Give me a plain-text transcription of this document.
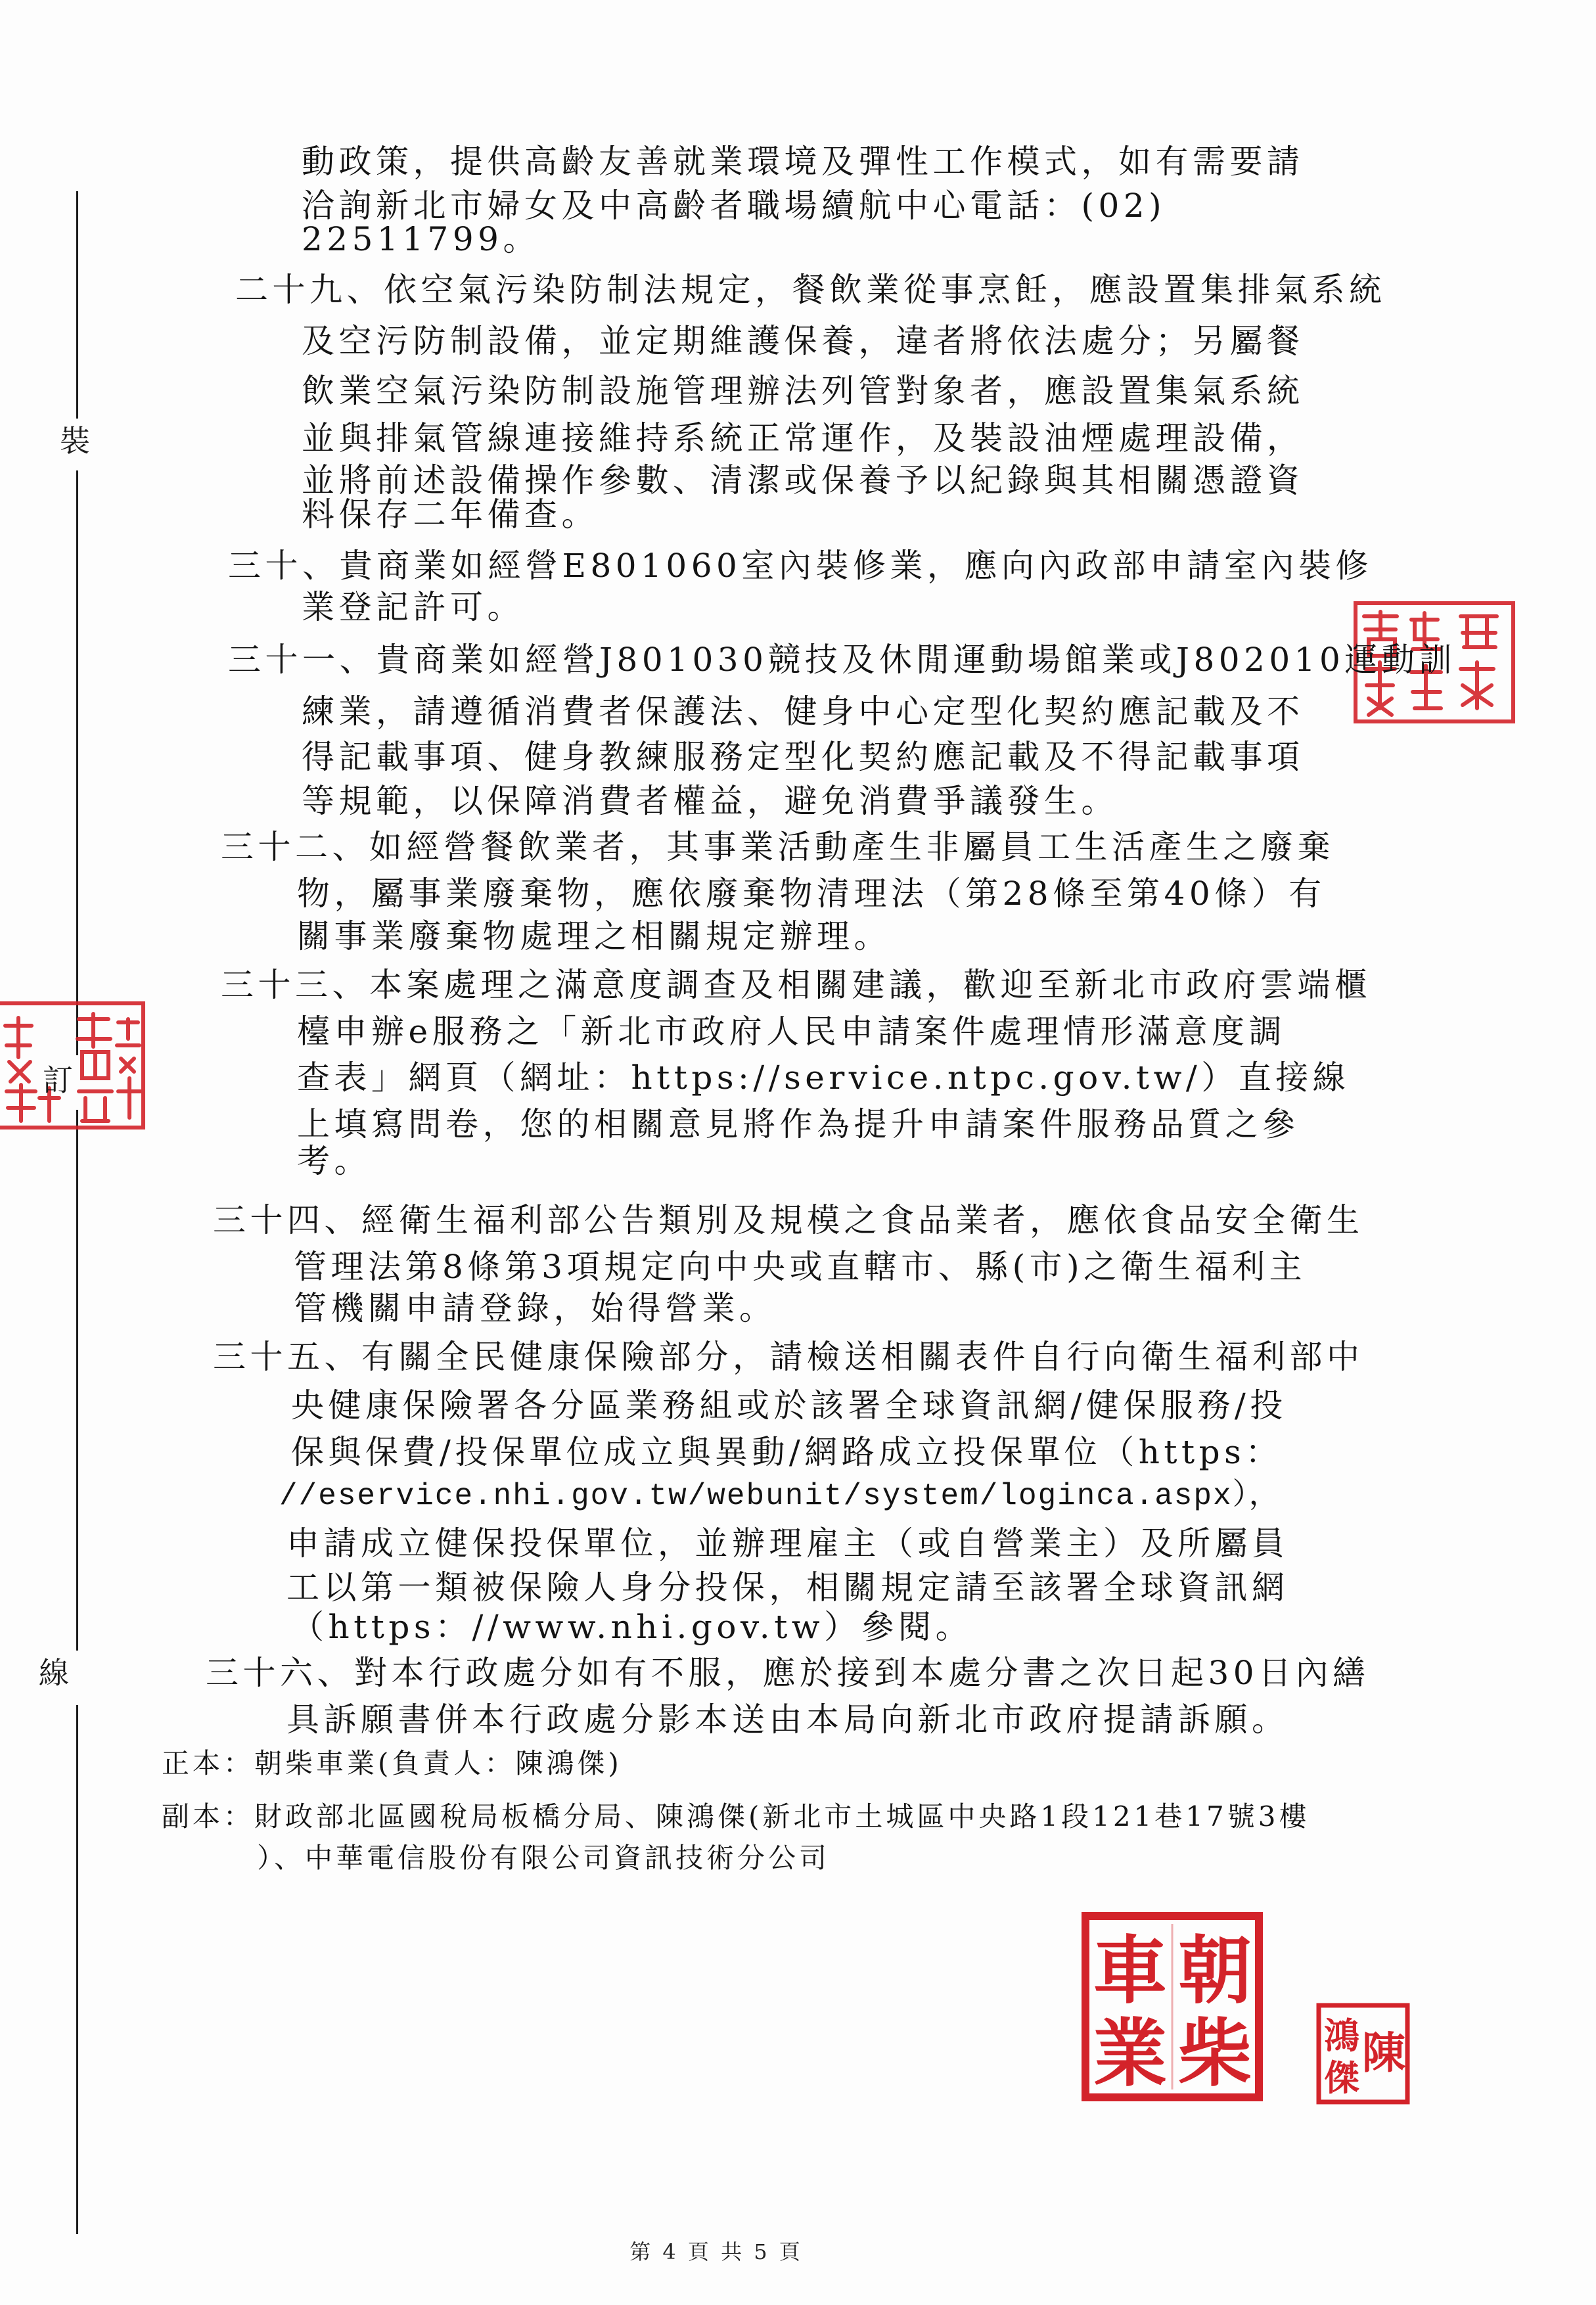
裝
線
訂
動政策，提供高齡友善就業環境及彈性工作模式，如有需要請
洽詢新北市婦女及中高齡者職場續航中心電話：(02)
22511799。
二十九、依空氣污染防制法規定，餐飲業從事烹飪，應設置集排氣系統
及空污防制設備，並定期維護保養，違者將依法處分；另屬餐
飲業空氣污染防制設施管理辦法列管對象者，應設置集氣系統
並與排氣管線連接維持系統正常運作，及裝設油煙處理設備，
並將前述設備操作參數、清潔或保養予以紀錄與其相關憑證資
料保存二年備查。
三十、貴商業如經營E801060室內裝修業，應向內政部申請室內裝修
業登記許可。
三十一、貴商業如經營J801030競技及休閒運動場館業或J802010運動訓
練業，請遵循消費者保護法、健身中心定型化契約應記載及不
得記載事項、健身教練服務定型化契約應記載及不得記載事項
等規範，以保障消費者權益，避免消費爭議發生。
三十二、如經營餐飲業者，其事業活動產生非屬員工生活產生之廢棄
物，屬事業廢棄物，應依廢棄物清理法（第28條至第40條）有
關事業廢棄物處理之相關規定辦理。
三十三、本案處理之滿意度調查及相關建議，歡迎至新北市政府雲端櫃
檯申辦e服務之「新北市政府人民申請案件處理情形滿意度調
查表」網頁（網址：https://service.ntpc.gov.tw/）直接線
上填寫問卷，您的相關意見將作為提升申請案件服務品質之參
考。
三十四、經衛生福利部公告類別及規模之食品業者，應依食品安全衛生
管理法第8條第3項規定向中央或直轄市、縣(市)之衛生福利主
管機關申請登錄，始得營業。
三十五、有關全民健康保險部分，請檢送相關表件自行向衛生福利部中
央健康保險署各分區業務組或於該署全球資訊網/健保服務/投
保與保費/投保單位成立與異動/網路成立投保單位（https：
//eservice.nhi.gov.tw/webunit/system/loginca.aspx），
申請成立健保投保單位，並辦理雇主（或自營業主）及所屬員
工以第一類被保險人身分投保，相關規定請至該署全球資訊網
（https：//www.nhi.gov.tw）參閱。
三十六、對本行政處分如有不服，應於接到本處分書之次日起30日內繕
具訴願書併本行政處分影本送由本局向新北市政府提請訴願。
正本：朝柴車業(負責人：陳鴻傑)
副本：財政部北區國稅局板橋分局、陳鴻傑(新北市土城區中央路1段121巷17號3樓
）、中華電信股份有限公司資訊技術分公司
朝
柴
車
業	陳
鴻
傑
第 4 頁 共 5 頁
